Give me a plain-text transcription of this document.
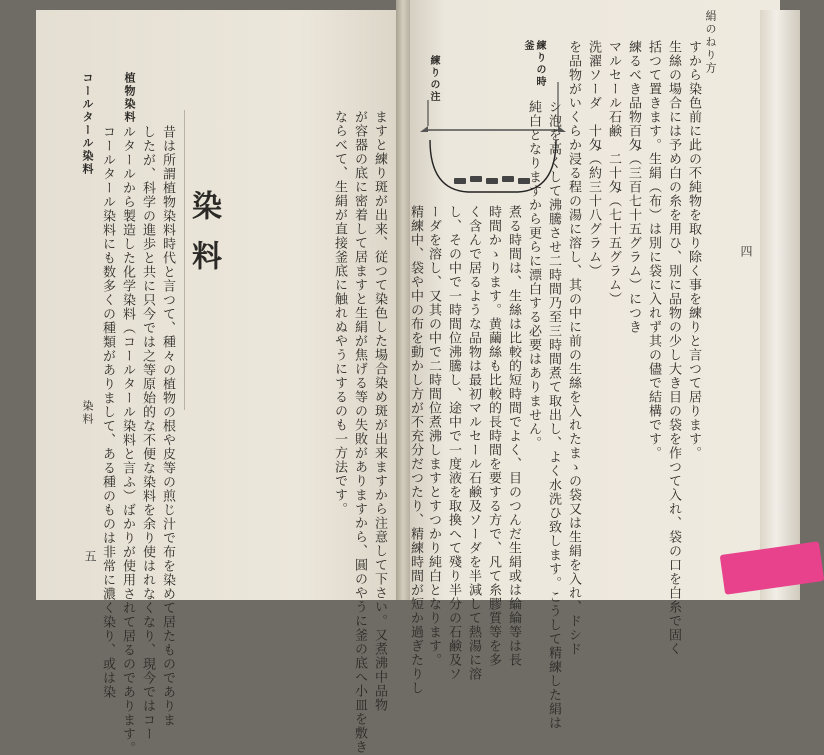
植物染料
コールタール染料
昔は所謂植物染料時代と言つて、種々の植物の根や皮等の煎じ汁で布を染めて居たものでありま
したが、科学の進歩と共に只今では之等原始的な不便な染料を余り使はれなくなり、現今ではコー
ルタールから製造した化学染料（コールタール染料と言ふ）ばかりが使用されて居るのであります。
コールタール染料にも数多くの種類がありまして、ある種のものは非常に濃く染り、或は染 染料	ますと練り斑が出来、従つて染色した場合染め斑が出来ますから注意して下さい。又煮沸中品物
が容器の底に密着して居ますと生絹が焦げる等の失敗がありますから、圓のやうに釜の底へ小皿を敷き
ならべて、生絹が直接釜底に触れぬやうにするのも一方法です。
染料
五
練りの時
釜
練りの注
絹のねり方
四
すから染色前に此の不純物を取り除く事を練りと言つて居ります。
生絲の場合には予め白の糸を用ひ、別に品物の少し大き目の袋を作つて入れ、袋の口を白糸で固く
括つて置きます。生絹（布）は別に袋に入れず其の儘で結構です。
練るべき品物百匁（三百七十五グラム）につき
マルセール石鹸　二十匁（七十五グラム）
洗濯ソーダ　十匁（約三十八グラム）
を品物がいくらか浸る程の湯に溶し、其の中に前の生絲を入れたまゝの袋又は生絹を入れ、ドシド
シ泡を高くして沸騰させ二時間乃至三時間煮て取出し、よく水洗ひ致します。こうして精練した絹は
純白となりますから更らに漂白する必要はありません。
煮る時間は、生絲は比較的短時間でよく、目のつんだ生絹或は綸綸等は長
時間かゝります。黄繭絲も比較的長時間を要する方で、凡て糸膠質等を多
く含んで居るような品物は最初マルセール石鹸及ソーダを半減して熱湯に溶
し、その中で一時間位沸騰し、途中で一度液を取換へて殘り半分の石鹸及ソ
ーダを溶し、又其の中で二時間位煮沸しますとすつかり純白となります。
精練中、袋や中の布を動かし方が不充分だつたり、精練時間が短か過ぎたりし
